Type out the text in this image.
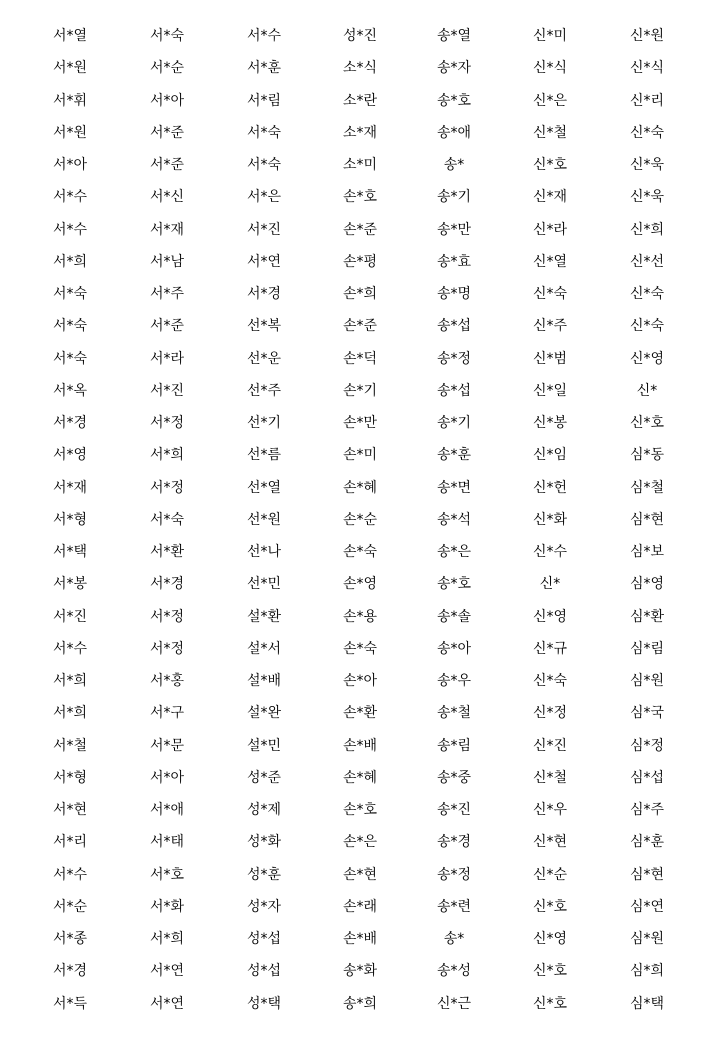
서*열	서*숙	서*수	성*진	송*열	신*미	신*원
서*원	서*순	서*훈	소*식	송*자	신*식	신*식
서*휘	서*아	서*림	소*란	송*호	신*은	신*리
서*원	서*준	서*숙	소*재	송*애	신*철	신*숙
서*아	서*준	서*숙	소*미	송*	신*호	신*욱
서*수	서*신	서*은	손*호	송*기	신*재	신*욱
서*수	서*재	서*진	손*준	송*만	신*라	신*희
서*희	서*남	서*연	손*평	송*효	신*열	신*선
서*숙	서*주	서*경	손*희	송*명	신*숙	신*숙
서*숙	서*준	선*복	손*준	송*섭	신*주	신*숙
서*숙	서*라	선*운	손*덕	송*정	신*범	신*영
서*옥	서*진	선*주	손*기	송*섭	신*일	신*
서*경	서*정	선*기	손*만	송*기	신*봉	신*호
서*영	서*희	선*름	손*미	송*훈	신*임	심*동
서*재	서*정	선*열	손*혜	송*면	신*헌	심*철
서*형	서*숙	선*원	손*순	송*석	신*화	심*현
서*택	서*환	선*나	손*숙	송*은	신*수	심*보
서*봉	서*경	선*민	손*영	송*호	신*	심*영
서*진	서*정	설*환	손*용	송*솔	신*영	심*환
서*수	서*정	설*서	손*숙	송*아	신*규	심*림
서*희	서*홍	설*배	손*아	송*우	신*숙	심*원
서*희	서*구	설*완	손*환	송*철	신*정	심*국
서*철	서*문	설*민	손*배	송*림	신*진	심*정
서*형	서*아	성*준	손*혜	송*중	신*철	심*섭
서*현	서*애	성*제	손*호	송*진	신*우	심*주
서*리	서*태	성*화	손*은	송*경	신*현	심*훈
서*수	서*호	성*훈	손*현	송*정	신*순	심*현
서*순	서*화	성*자	손*래	송*련	신*호	심*연
서*종	서*희	성*섭	손*배	송*	신*영	심*원
서*경	서*연	성*섭	송*화	송*성	신*호	심*희
서*득	서*연	성*택	송*희	신*근	신*호	심*택
